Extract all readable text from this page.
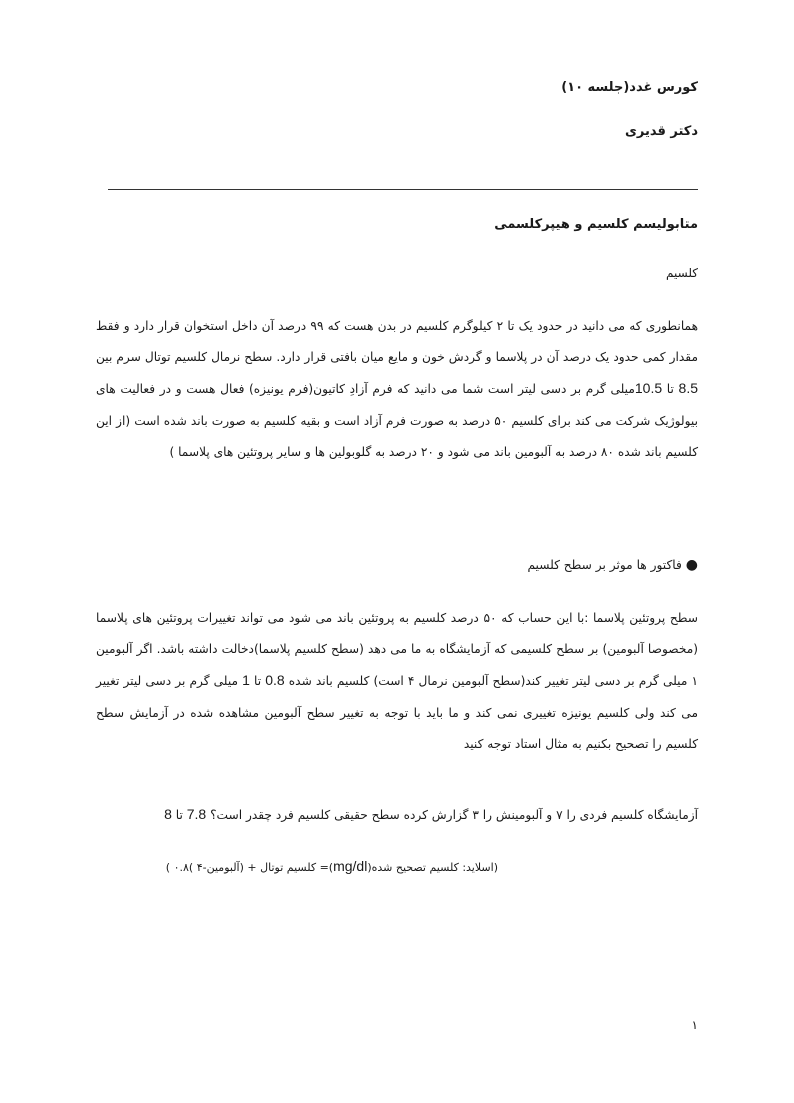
کورس غدد(جلسه ۱۰)
دکتر قدیری
متابولیسم کلسیم و هیپرکلسمی
کلسیم
همانطوری که می دانید در حدود یک تا ۲ کیلوگرم کلسیم در بدن هست که ۹۹ درصد آن داخل استخوان قرار دارد و فقط مقدار کمی حدود یک درصد آن در پلاسما و گردش خون و مایع میان بافتی قرار دارد. سطح نرمال کلسیم توتال سرم بین 8.5 تا 10.5میلی گرم بر دسی لیتر است شما می دانید که فرم آزادِ کاتیون(فرم یونیزه) فعال هست و در فعالیت های بیولوژیک شرکت می کند برای کلسیم ۵۰ درصد به صورت فرم آزاد است و بقیه کلسیم به صورت باند شده است (از این کلسیم باند شده ۸۰ درصد به آلبومین باند می شود و ۲۰ درصد به گلوبولین ها و سایر پروتئین های پلاسما )
●فاکتور ها موثر بر سطح کلسیم
سطح پروتئین پلاسما :با این حساب که ۵۰ درصد کلسیم به پروتئین باند می شود می تواند تغییرات پروتئین های پلاسما (مخصوصا آلبومین) بر سطح کلسیمی که آزمایشگاه به ما می دهد (سطح کلسیم پلاسما)دخالت داشته باشد. اگر آلبومین ۱ میلی گرم بر دسی لیتر تغییر کند(سطح آلبومین نرمال ۴ است) کلسیم باند شده 0.8 تا 1 میلی گرم بر دسی لیتر تغییر می کند ولی کلسیم یونیزه تغییری نمی کند و ما باید با توجه به تغییر سطح آلبومین مشاهده شده در آزمایش سطح کلسیم را تصحیح بکنیم به مثال استاد توجه کنید
آزمایشگاه کلسیم فردی را ۷ و آلبومینش را ۳ گزارش کرده سطح حقیقی کلسیم فرد چقدر است؟ 7.8 تا 8
(اسلاید: کلسیم تصحیح شده(mg/dl)= کلسیم توتال + (آلبومین-۴ )۰.۸ )
۱
